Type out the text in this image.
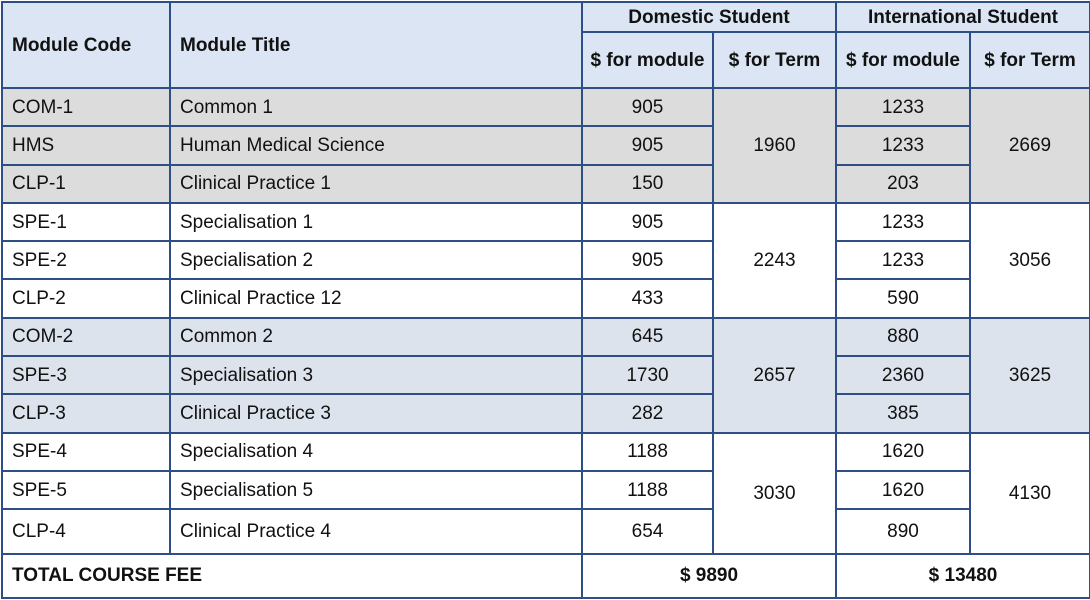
Module Code	Module Title	Domestic Student		International Student	
		$ for module	$ for Term	$ for module	$ for Term
COM-1	Common 1	905	1960	1233	2669
HMS	Human Medical Science	905		1233	
CLP-1	Clinical Practice 1	150		203	
SPE-1	Specialisation 1	905	2243	1233	3056
SPE-2	Specialisation 2	905		1233	
CLP-2	Clinical Practice 12	433		590	
COM-2	Common 2	645	2657	880	3625
SPE-3	Specialisation 3	1730		2360	
CLP-3	Clinical Practice 3	282		385	
SPE-4	Specialisation 4	1188	3030	1620	4130
SPE-5	Specialisation 5	1188		1620	
CLP-4	Clinical Practice 4	654		890	
TOTAL COURSE FEE		$ 9890		$ 13480	
